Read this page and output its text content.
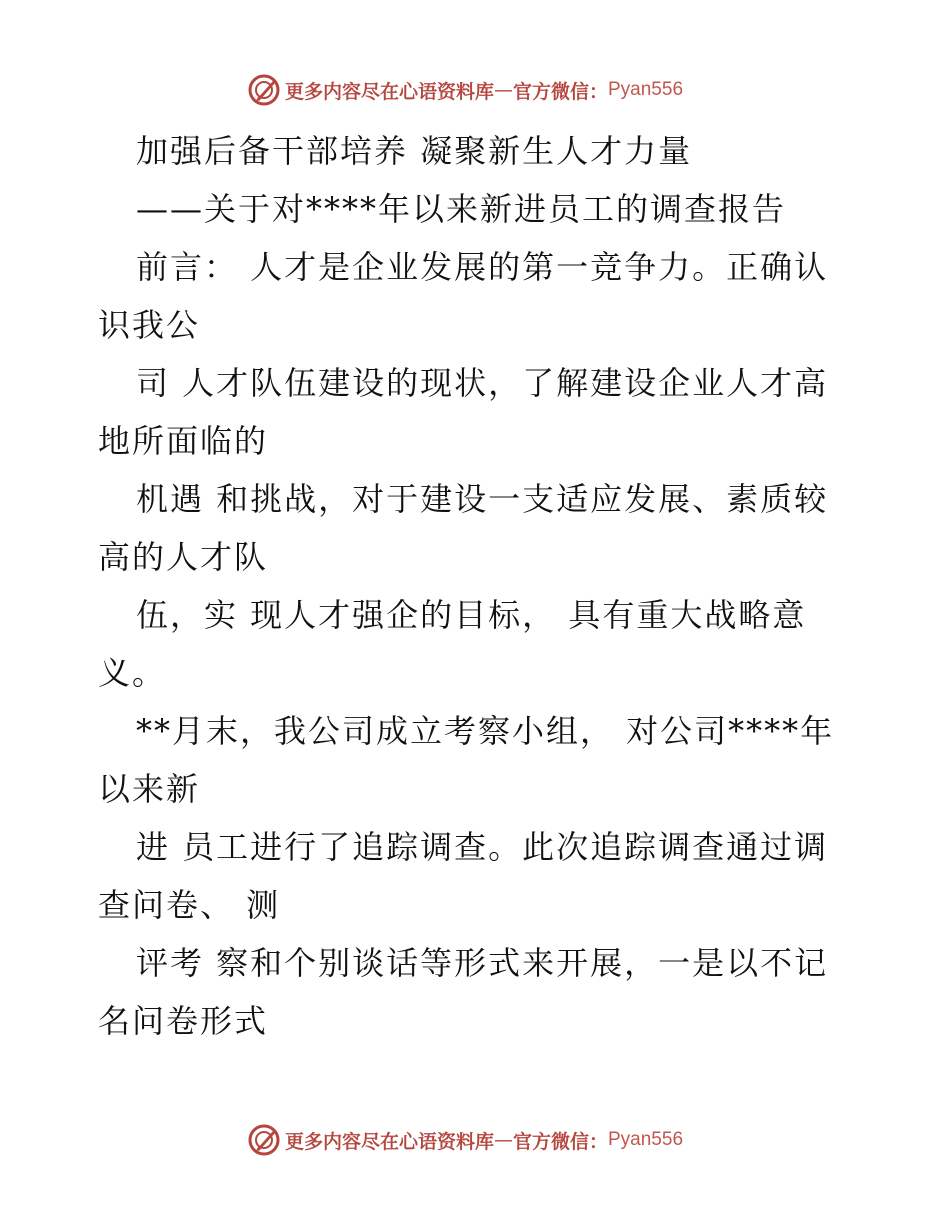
更多内容尽在心语资料库 — 官方微信： Pyan556
加强后备干部培养 凝聚新生人才力量
——关于对****年以来新进员工的调查报告
前言： 人才是企业发展的第一竞争力。正确认
识我公
司 人才队伍建设的现状，了解建设企业人才高
地所面临的
机遇 和挑战，对于建设一支适应发展、素质较
高的人才队
伍，实 现人才强企的目标， 具有重大战略意
义。
**月末，我公司成立考察小组， 对公司****年
以来新
进 员工进行了追踪调查。此次追踪调查通过调
查问卷、 测
评考 察和个别谈话等形式来开展，一是以不记
名问卷形式
更多内容尽在心语资料库 — 官方微信： Pyan556
